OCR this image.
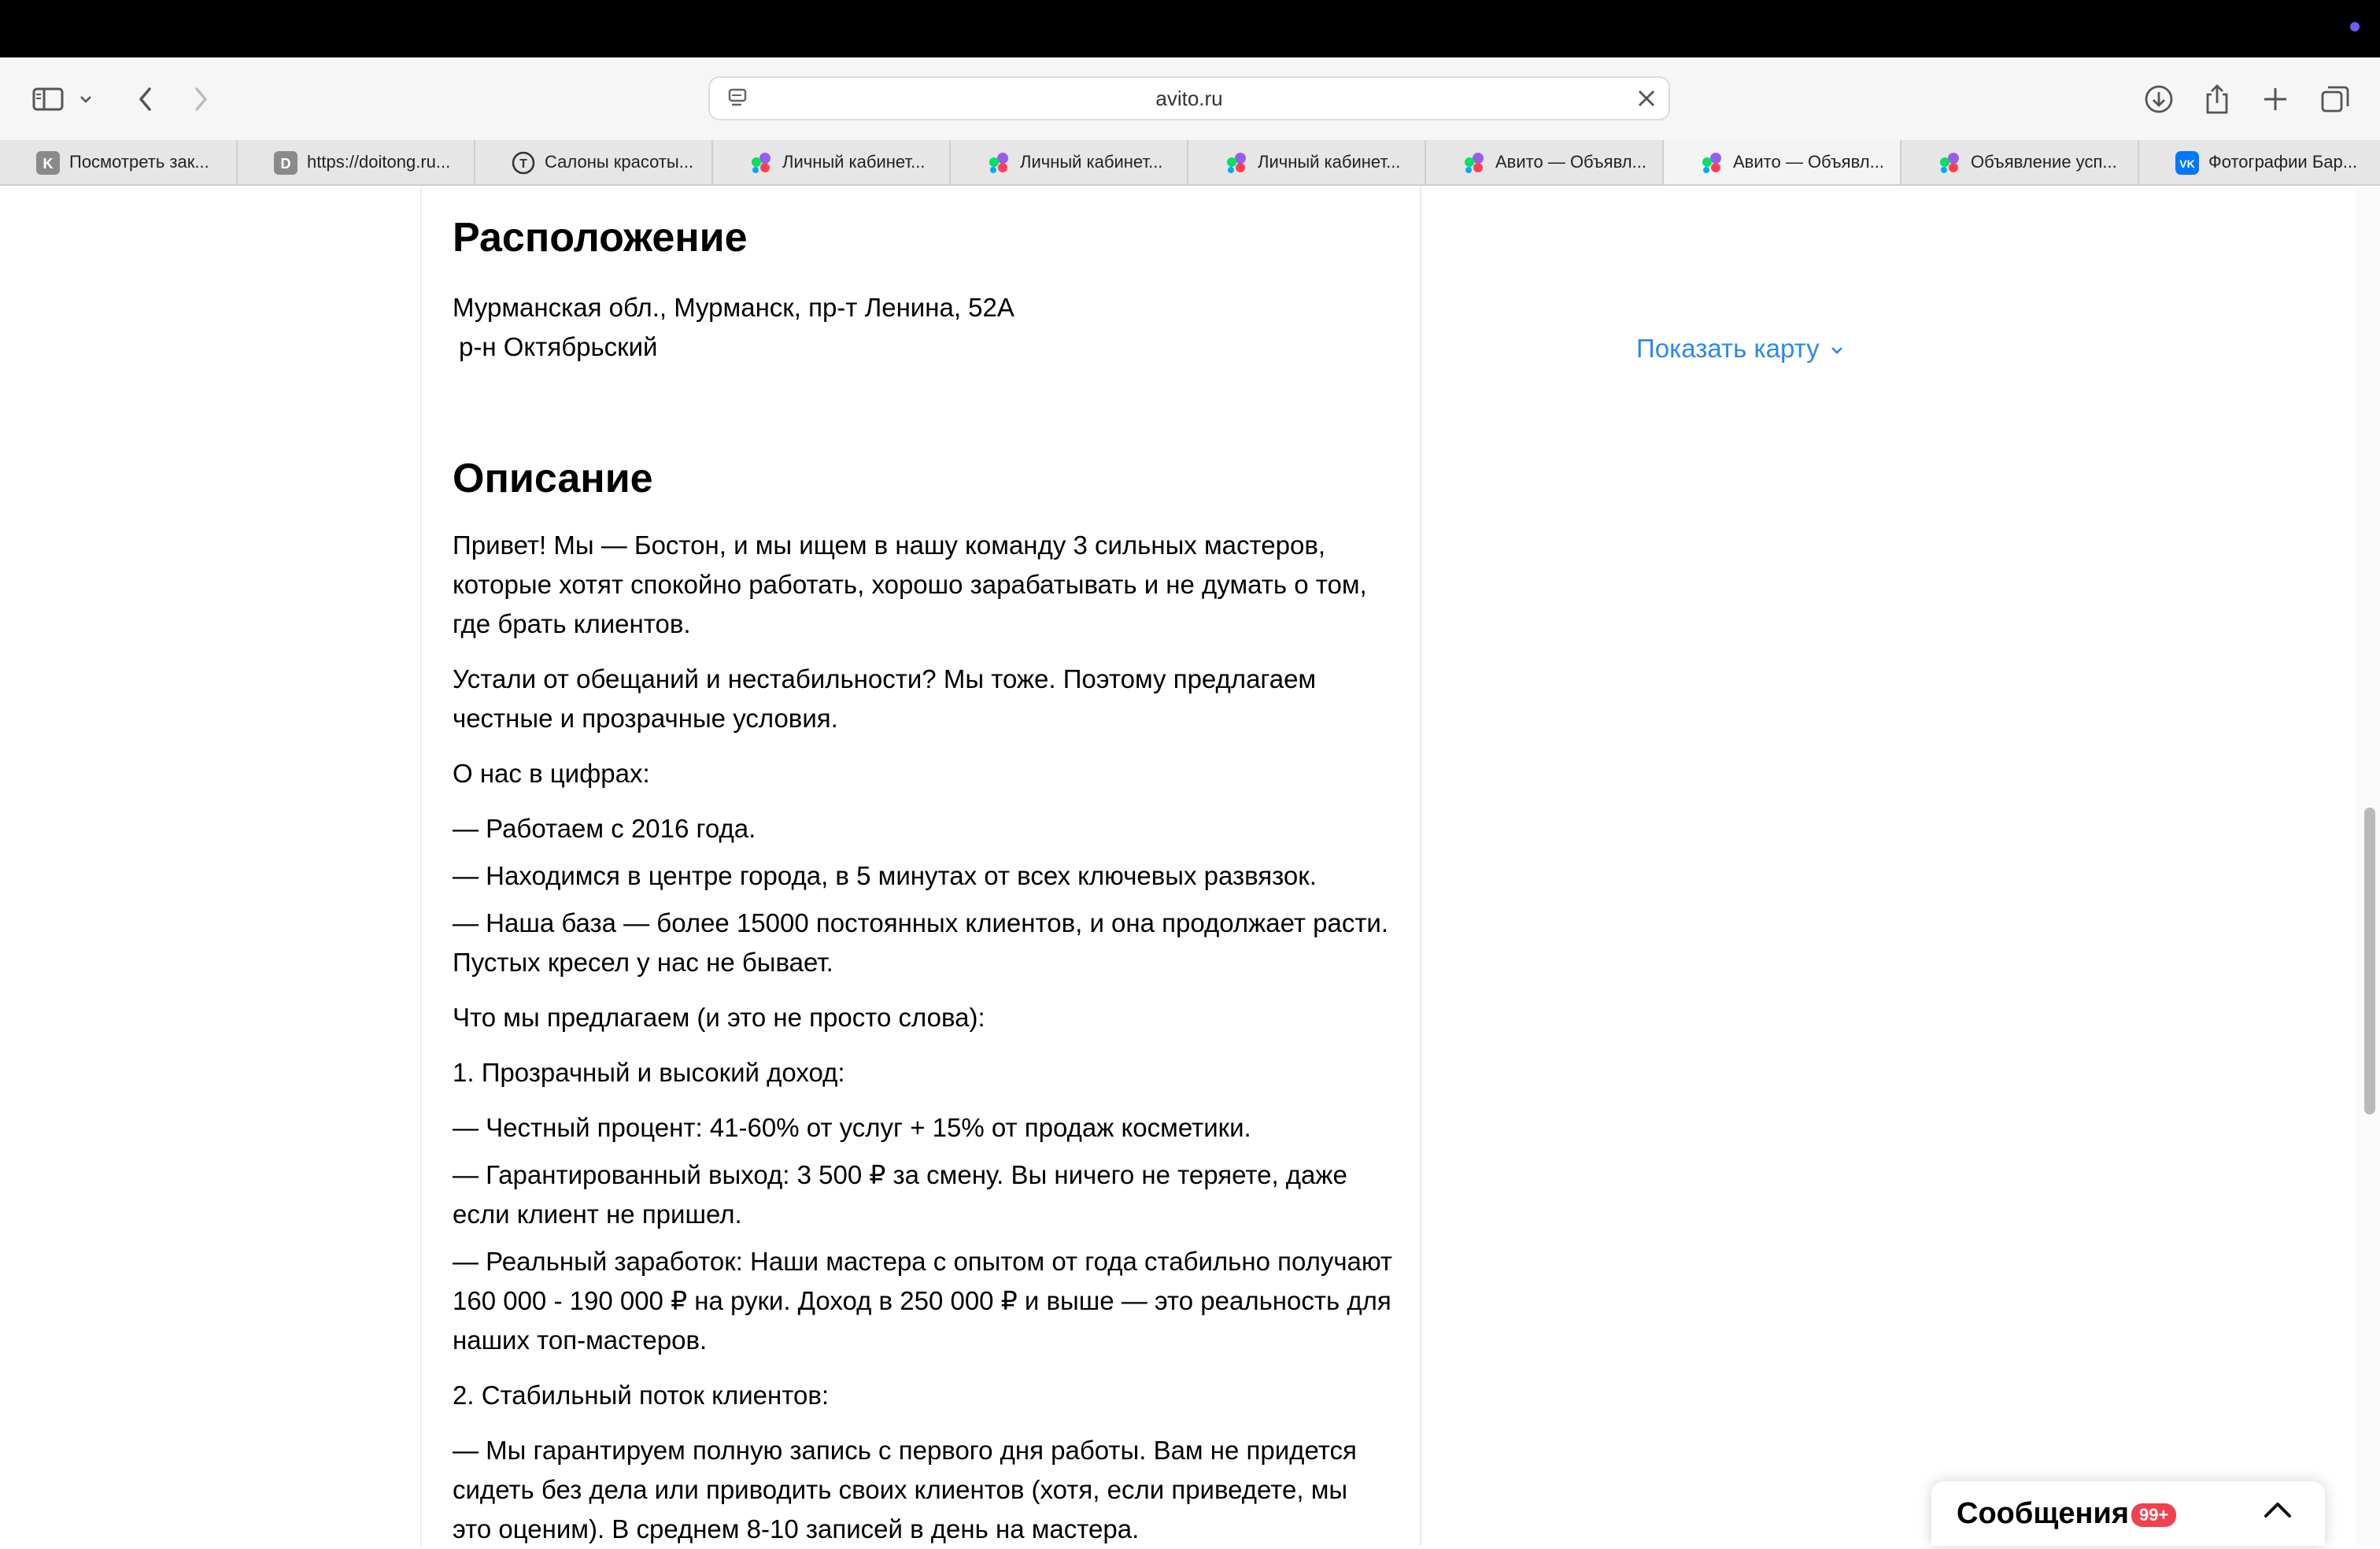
avito.ru
K Посмотреть зак...	D https://doitong.ru...	T Салоны красоты...	Личный кабинет...	Личный кабинет...	Личный кабинет...	Авито — Объявл...	Авито — Объявл...	Объявление усп...	VK Фотографии Бар...
Расположение
Мурманская обл., Мурманск, пр-т Ленина, 52А
р-н Октябрьский	Показать карту
Описание
Привет! Мы — Бостон, и мы ищем в нашу команду 3 сильных мастеров,
которые хотят спокойно работать, хорошо зарабатывать и не думать о том,
где брать клиентов.
Устали от обещаний и нестабильности? Мы тоже. Поэтому предлагаем
честные и прозрачные условия.
О нас в цифрах:
— Работаем с 2016 года.
— Находимся в центре города, в 5 минутах от всех ключевых развязок.
— Наша база — более 15000 постоянных клиентов, и она продолжает расти.
Пустых кресел у нас не бывает.
Что мы предлагаем (и это не просто слова):
1. Прозрачный и высокий доход:
— Честный процент: 41-60% от услуг + 15% от продаж косметики.
— Гарантированный выход: 3 500 ₽ за смену. Вы ничего не теряете, даже
если клиент не пришел.
— Реальный заработок: Наши мастера с опытом от года стабильно получают
160 000 - 190 000 ₽ на руки. Доход в 250 000 ₽ и выше — это реальность для
наших топ-мастеров.
2. Стабильный поток клиентов:
— Мы гарантируем полную запись с первого дня работы. Вам не придется
сидеть без дела или приводить своих клиентов (хотя, если приведете, мы
это оценим). В среднем 8-10 записей в день на мастера.	Сообщения 99+
